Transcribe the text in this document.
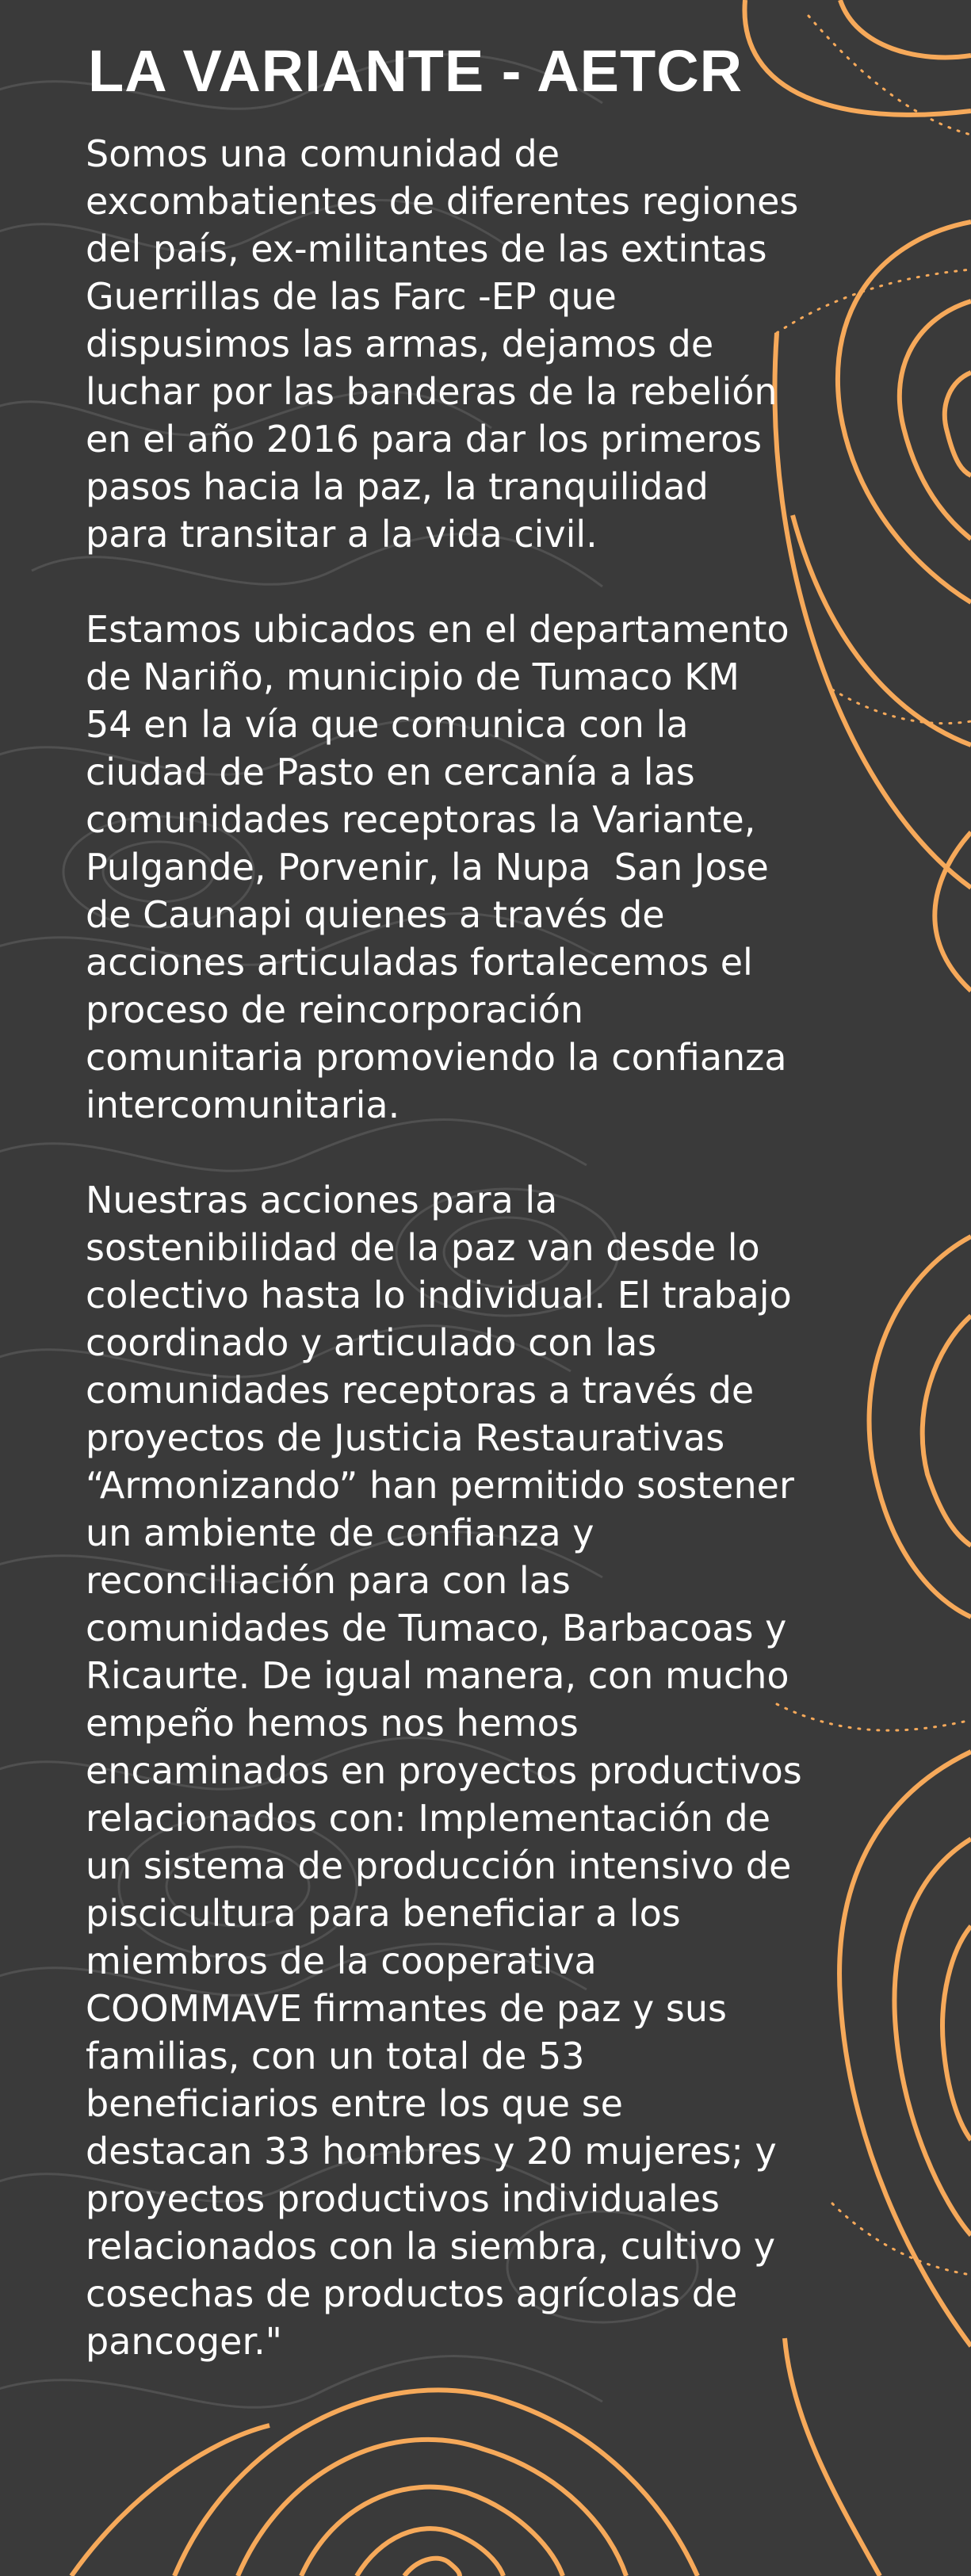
LA VARIANTE - AETCR

Somos una comunidad de
excombatientes de diferentes regiones
del país, ex-militantes de las extintas
Guerrillas de las Farc -EP que
dispusimos las armas, dejamos de
luchar por las banderas de la rebelión
en el año 2016 para dar los primeros
pasos hacia la paz, la tranquilidad
para transitar a la vida civil.

Estamos ubicados en el departamento
de Nariño, municipio de Tumaco KM
54 en la vía que comunica con la
ciudad de Pasto en cercanía a las
comunidades receptoras la Variante,
Pulgande, Porvenir, la Nupa  San Jose
de Caunapi quienes a través de
acciones articuladas fortalecemos el
proceso de reincorporación
comunitaria promoviendo la confianza
intercomunitaria.

Nuestras acciones para la
sostenibilidad de la paz van desde lo
colectivo hasta lo individual. El trabajo
coordinado y articulado con las
comunidades receptoras a través de
proyectos de Justicia Restaurativas
“Armonizando” han permitido sostener
un ambiente de confianza y
reconciliación para con las
comunidades de Tumaco, Barbacoas y
Ricaurte. De igual manera, con mucho
empeño hemos nos hemos
encaminados en proyectos productivos
relacionados con: Implementación de
un sistema de producción intensivo de
piscicultura para beneficiar a los
miembros de la cooperativa
COOMMAVE firmantes de paz y sus
familias, con un total de 53
beneficiarios entre los que se
destacan 33 hombres y 20 mujeres; y
proyectos productivos individuales
relacionados con la siembra, cultivo y
cosechas de productos agrícolas de
pancoger."
